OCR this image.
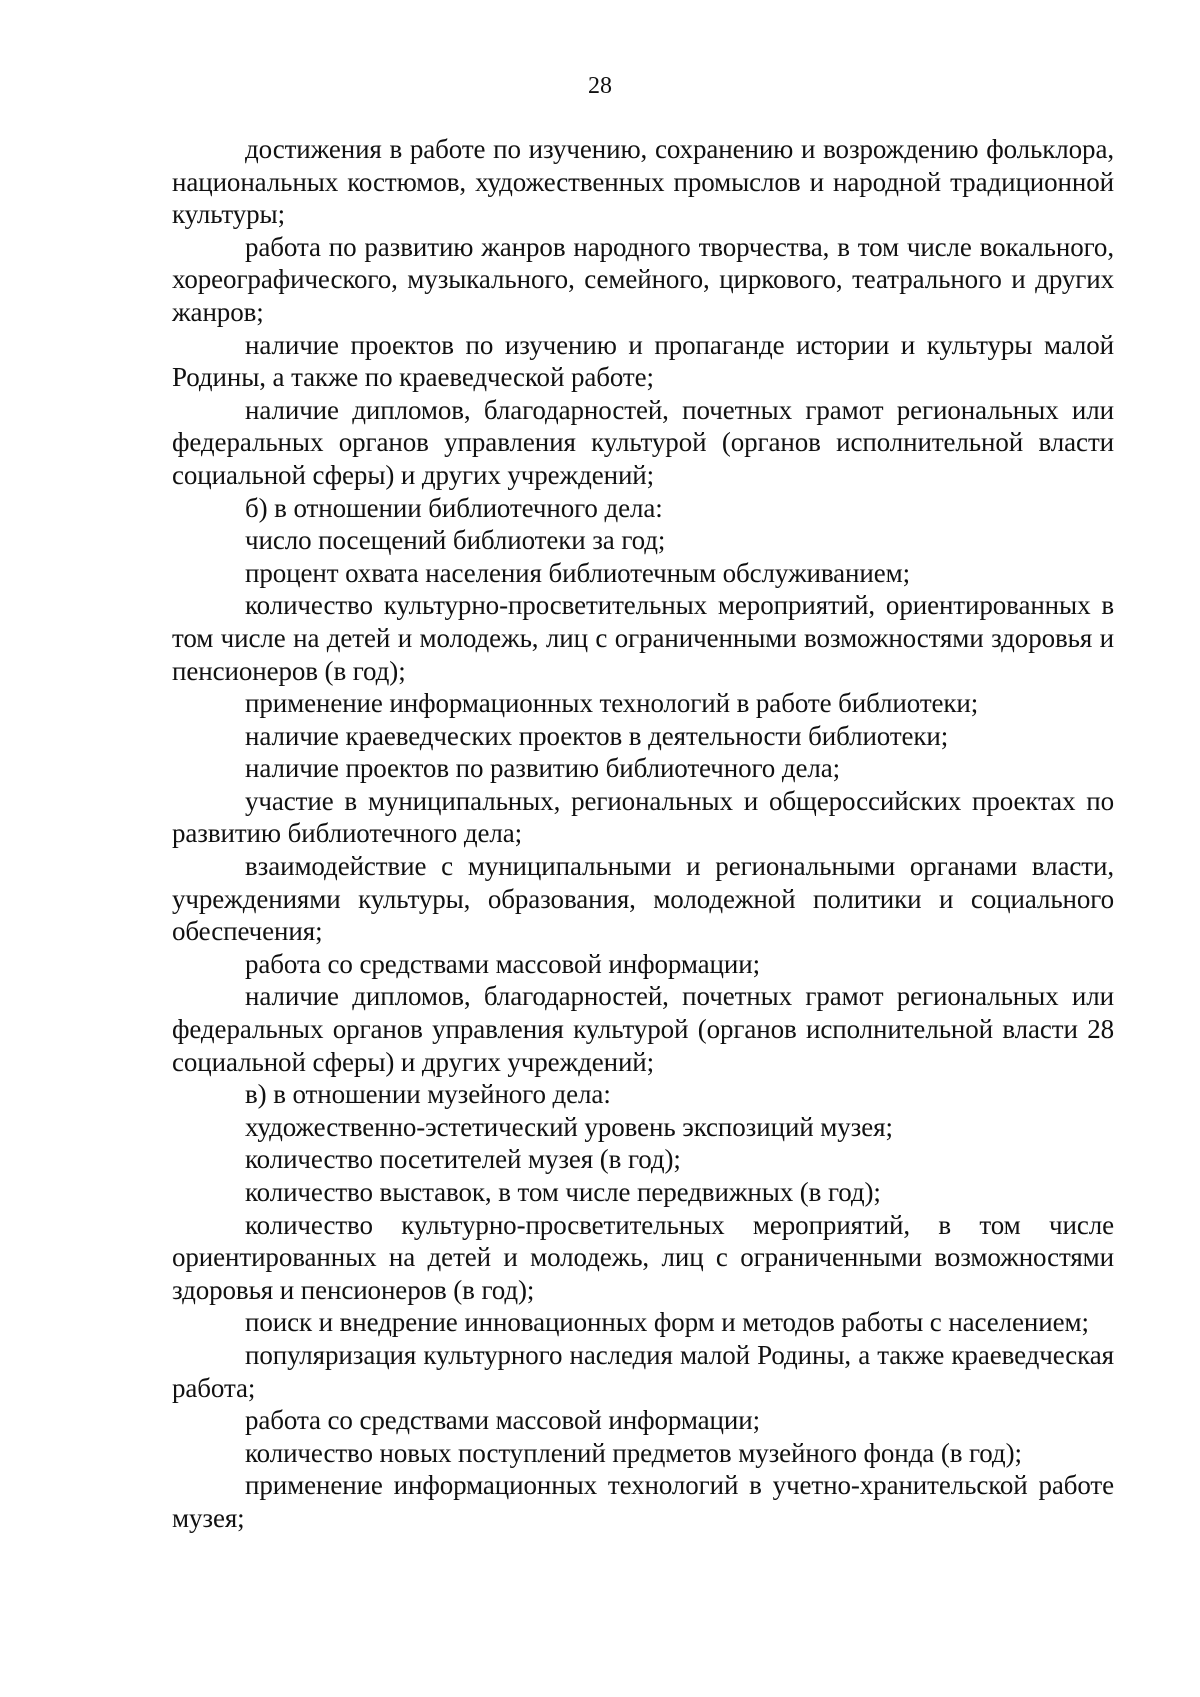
28

достижения в работе по изучению, сохранению и возрождению фольклора, национальных костюмов, художественных промыслов и народной традиционной культуры;

работа по развитию жанров народного творчества, в том числе вокального, хореографического, музыкального, семейного, циркового, театрального и других жанров;

наличие проектов по изучению и пропаганде истории и культуры малой Родины, а также по краеведческой работе;

наличие дипломов, благодарностей, почетных грамот региональных или федеральных органов управления культурой (органов исполнительной власти социальной сферы) и других учреждений;

б) в отношении библиотечного дела:

число посещений библиотеки за год;

процент охвата населения библиотечным обслуживанием;

количество культурно-просветительных мероприятий, ориентированных в том числе на детей и молодежь, лиц с ограниченными возможностями здоровья и пенсионеров (в год);

применение информационных технологий в работе библиотеки;

наличие краеведческих проектов в деятельности библиотеки;

наличие проектов по развитию библиотечного дела;

участие в муниципальных, региональных и общероссийских проектах по развитию библиотечного дела;

взаимодействие с муниципальными и региональными органами власти, учреждениями культуры, образования, молодежной политики и социального обеспечения;

работа со средствами массовой информации;

наличие дипломов, благодарностей, почетных грамот региональных или федеральных органов управления культурой (органов исполнительной власти 28 социальной сферы) и других учреждений;

в) в отношении музейного дела:

художественно-эстетический уровень экспозиций музея;

количество посетителей музея (в год);

количество выставок, в том числе передвижных (в год);

количество культурно-просветительных мероприятий, в том числе ориентированных на детей и молодежь, лиц с ограниченными возможностями здоровья и пенсионеров (в год);

поиск и внедрение инновационных форм и методов работы с населением;

популяризация культурного наследия малой Родины, а также краеведческая работа;

работа со средствами массовой информации;

количество новых поступлений предметов музейного фонда (в год);

применение информационных технологий в учетно-хранительской работе музея;
